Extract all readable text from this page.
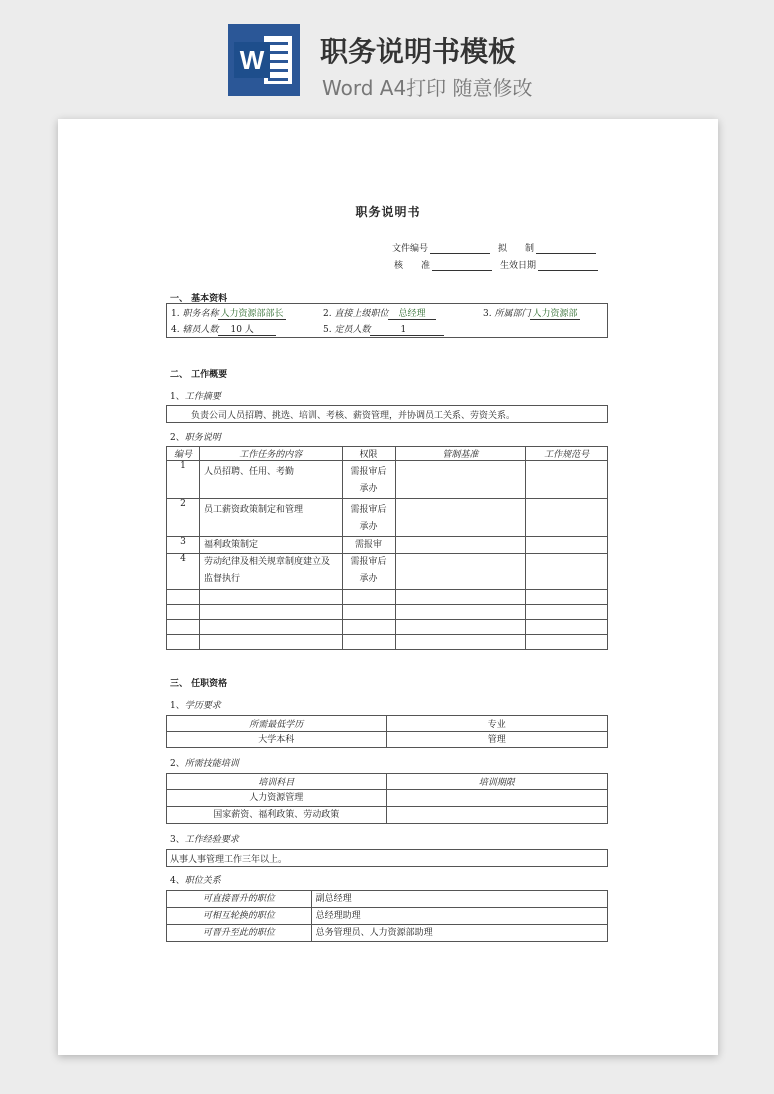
W 职务说明书模板
Word A4打印 随意修改
职务说明书
文件编号	拟　　制
核　　准	生效日期
一、 基本资料
1. 职务名称 人力资源部部长	2. 直接上级职位 总经理	3. 所属部门 人力资源部
4. 辖员人数 10 人	5. 定员人数	1
二、 工作概要
1、工作摘要
负责公司人员招聘、挑选、培训、考核、薪资管理，并协调员工关系、劳资关系。
2、职务说明
编号	工作任务的内容	权限	管制基准	工作规范号
1	人员招聘、任用、考勤	需报审后承办		
2	员工薪资政策制定和管理	需报审后承办		
3	福利政策制定	需报审		
4	劳动纪律及相关规章制度建立及监督执行	需报审后承办		

三、 任职资格
1、学历要求
所需最低学历	专业
大学本科	管理
2、所需技能培训
培训科目	培训期限
人力资源管理	
国家薪资、福利政策、劳动政策	
3、工作经验要求
从事人事管理工作三年以上。
4、职位关系
可直接晋升的职位	副总经理
可相互轮换的职位	总经理助理
可晋升至此的职位	总务管理员、人力资源部助理
